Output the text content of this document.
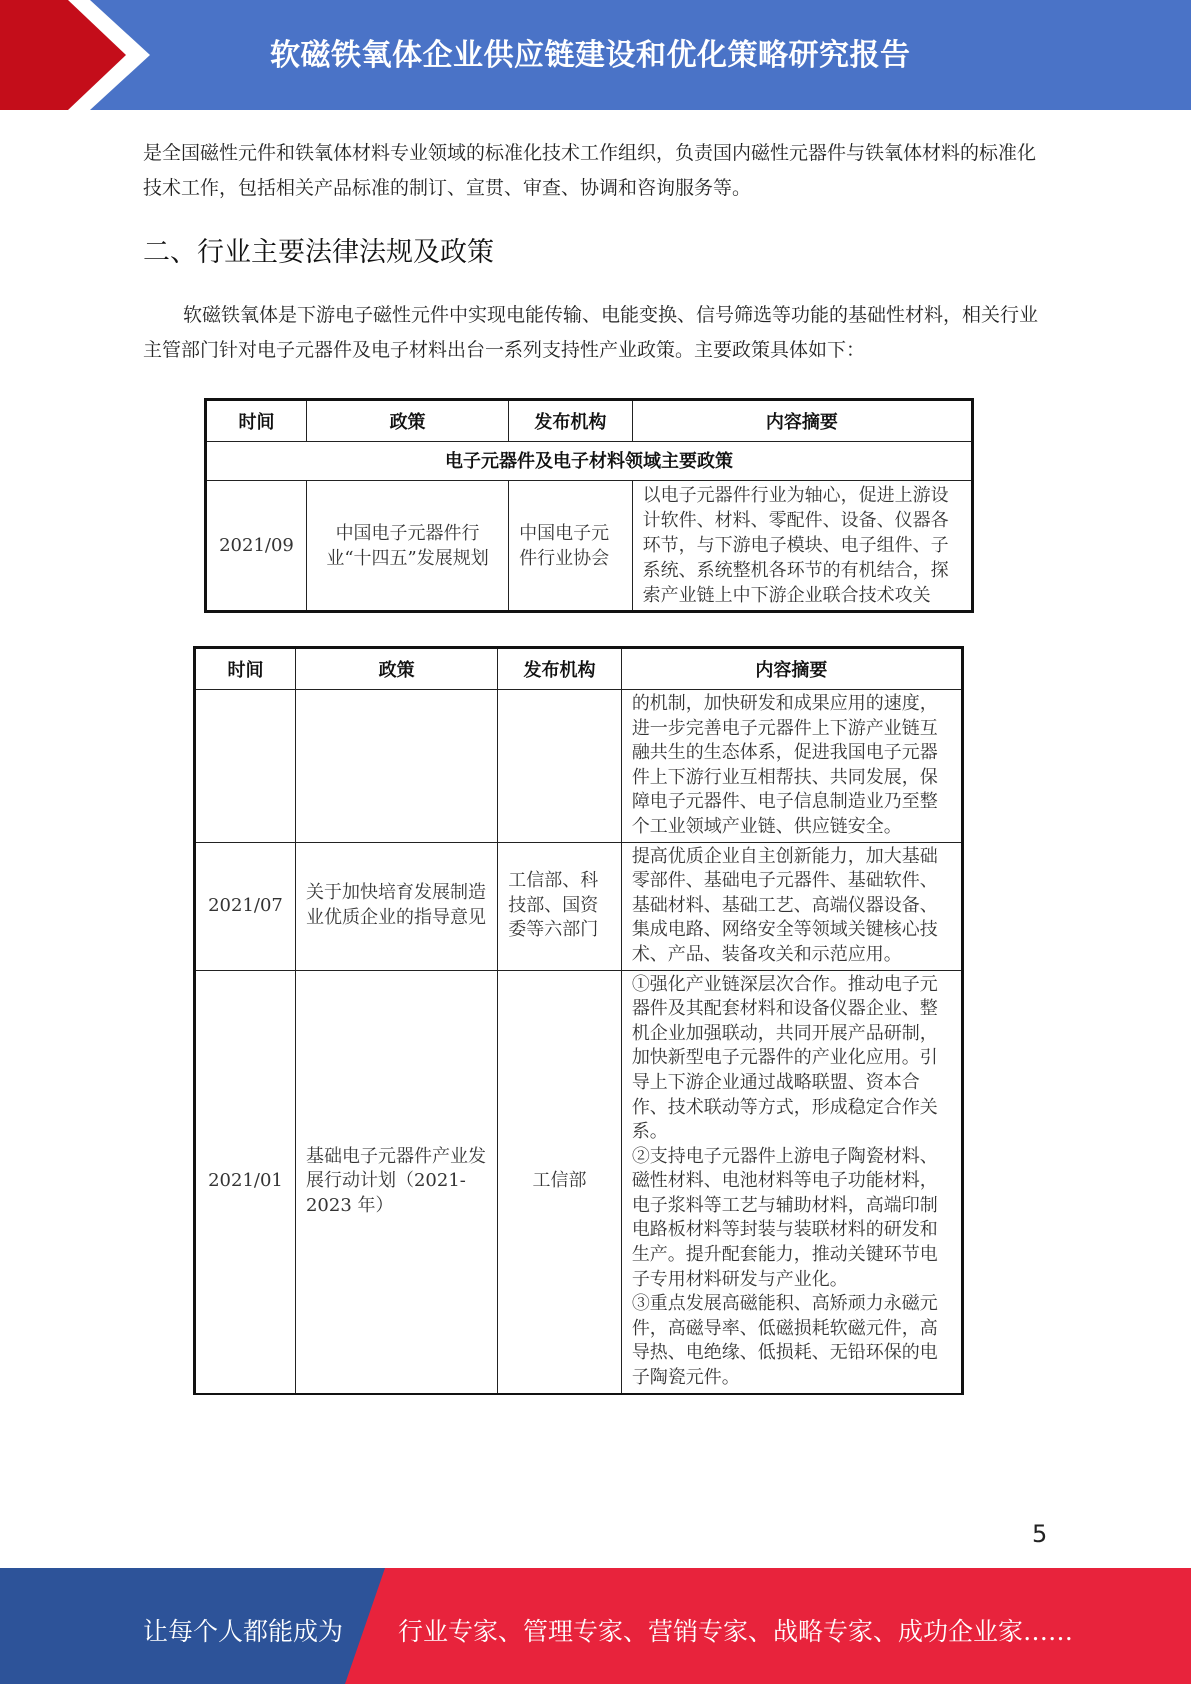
软磁铁氧体企业供应链建设和优化策略研究报告
是全国磁性元件和铁氧体材料专业领域的标准化技术工作组织，负责国内磁性元器件与铁氧体材料的标准化技术工作，包括相关产品标准的制订、宣贯、审查、协调和咨询服务等。
二、行业主要法律法规及政策
软磁铁氧体是下游电子磁性元件中实现电能传输、电能变换、信号筛选等功能的基础性材料，相关行业主管部门针对电子元器件及电子材料出台一系列支持性产业政策。主要政策具体如下：
时间	政策	发布机构	内容摘要
电子元器件及电子材料领域主要政策			
2021/09	中国电子元器件行业“十四五”发展规划	中国电子元件行业协会	以电子元器件行业为轴心，促进上游设计软件、材料、零配件、设备、仪器各环节，与下游电子模块、电子组件、子系统、系统整机各环节的有机结合，探索产业链上中下游企业联合技术攻关
时间	政策	发布机构	内容摘要
			的机制，加快研发和成果应用的速度，进一步完善电子元器件上下游产业链互融共生的生态体系，促进我国电子元器件上下游行业互相帮扶、共同发展，保障电子元器件、电子信息制造业乃至整个工业领域产业链、供应链安全。
2021/07	关于加快培育发展制造业优质企业的指导意见	工信部、科技部、国资委等六部门	提高优质企业自主创新能力，加大基础零部件、基础电子元器件、基础软件、基础材料、基础工艺、高端仪器设备、集成电路、网络安全等领域关键核心技术、产品、装备攻关和示范应用。
2021/01	基础电子元器件产业发展行动计划（2021-2023 年）	工信部	①强化产业链深层次合作。推动电子元器件及其配套材料和设备仪器企业、整机企业加强联动，共同开展产品研制，加快新型电子元器件的产业化应用。引导上下游企业通过战略联盟、资本合作、技术联动等方式，形成稳定合作关系。
②支持电子元器件上游电子陶瓷材料、磁性材料、电池材料等电子功能材料，电子浆料等工艺与辅助材料，高端印制电路板材料等封装与装联材料的研发和生产。提升配套能力，推动关键环节电子专用材料研发与产业化。
③重点发展高磁能积、高矫顽力永磁元件，高磁导率、低磁损耗软磁元件，高导热、电绝缘、低损耗、无铅环保的电子陶瓷元件。
5
让每个人都能成为 行业专家、管理专家、营销专家、战略专家、成功企业家……
